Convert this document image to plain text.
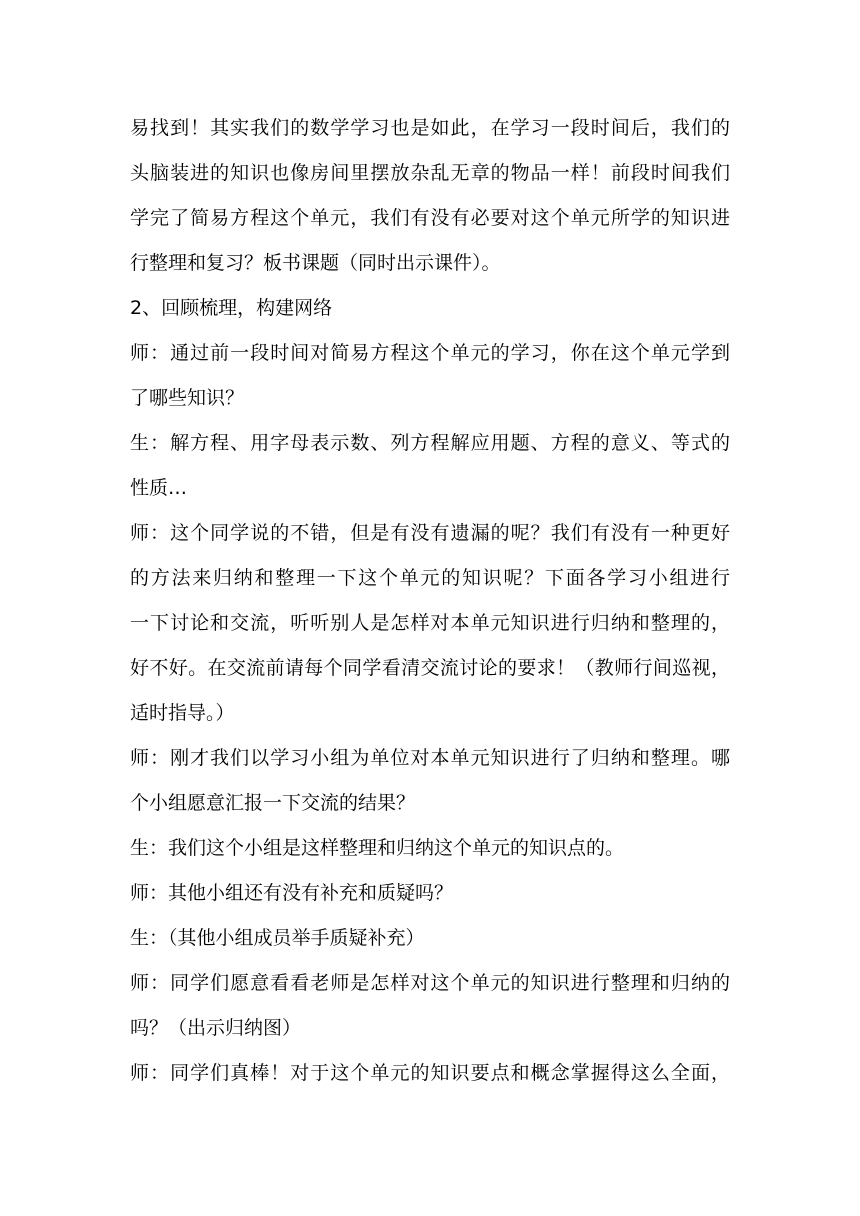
易找到！其实我们的数学学习也是如此，在学习一段时间后，我们的
头脑装进的知识也像房间里摆放杂乱无章的物品一样！前段时间我们
学完了简易方程这个单元，我们有没有必要对这个单元所学的知识进
行整理和复习？板书课题（同时出示课件）。
2、回顾梳理，构建网络
师：通过前一段时间对简易方程这个单元的学习，你在这个单元学到
了哪些知识？
生：解方程、用字母表示数、列方程解应用题、方程的意义、等式的
性质…
师：这个同学说的不错，但是有没有遗漏的呢？我们有没有一种更好
的方法来归纳和整理一下这个单元的知识呢？下面各学习小组进行
一下讨论和交流，听听别人是怎样对本单元知识进行归纳和整理的，
好不好。在交流前请每个同学看清交流讨论的要求！（教师行间巡视，
适时指导。）
师：刚才我们以学习小组为单位对本单元知识进行了归纳和整理。哪
个小组愿意汇报一下交流的结果？
生：我们这个小组是这样整理和归纳这个单元的知识点的。
师：其他小组还有没有补充和质疑吗？
生：（其他小组成员举手质疑补充）
师：同学们愿意看看老师是怎样对这个单元的知识进行整理和归纳的
吗？（出示归纳图）
师：同学们真棒！对于这个单元的知识要点和概念掌握得这么全面，
